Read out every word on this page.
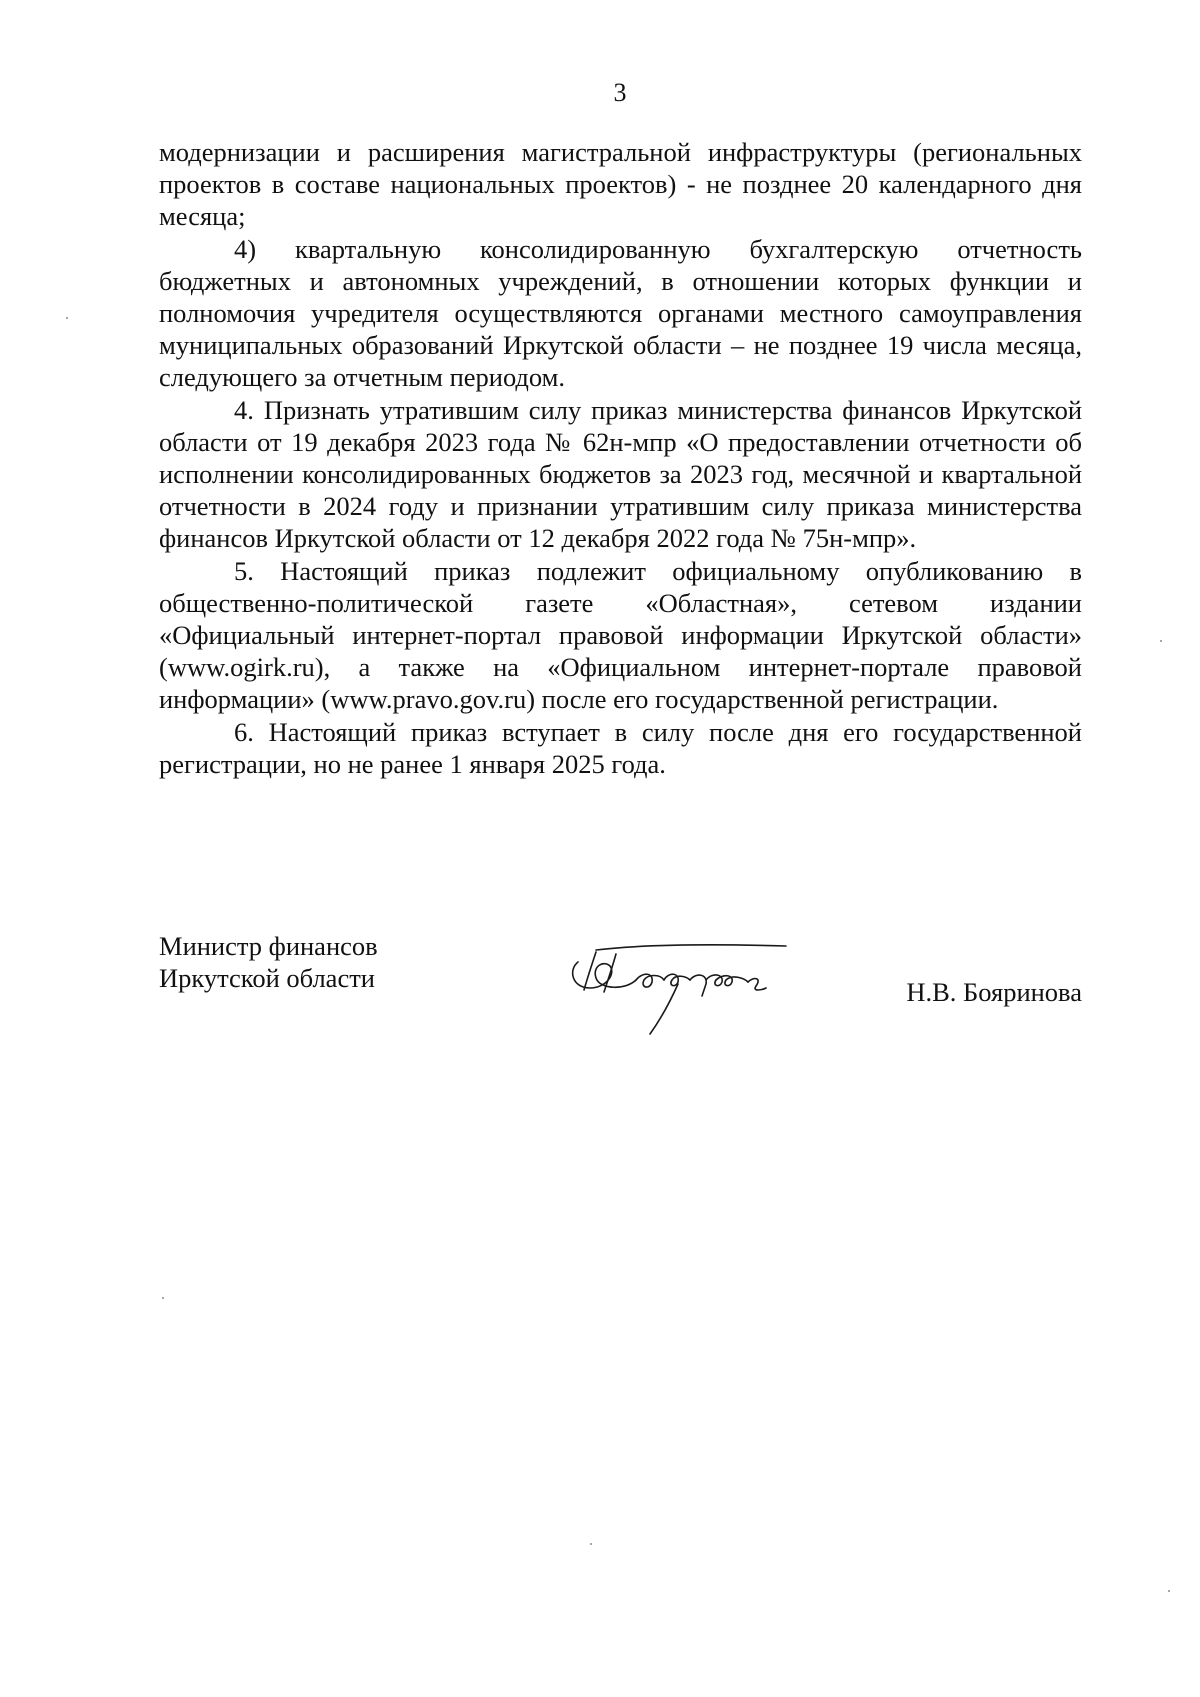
3

модернизации и расширения магистральной инфраструктуры (региональных проектов в составе национальных проектов) - не позднее 20 календарного дня месяца;

4) квартальную консолидированную бухгалтерскую отчетность бюджетных и автономных учреждений, в отношении которых функции и полномочия учредителя осуществляются органами местного самоуправления муниципальных образований Иркутской области – не позднее 19 числа месяца, следующего за отчетным периодом.

4. Признать утратившим силу приказ министерства финансов Иркутской области от 19 декабря 2023 года № 62н-мпр «О предоставлении отчетности об исполнении консолидированных бюджетов за 2023 год, месячной и квартальной отчетности в 2024 году и признании утратившим силу приказа министерства финансов Иркутской области от 12 декабря 2022 года № 75н-мпр».

5. Настоящий приказ подлежит официальному опубликованию в общественно-политической газете «Областная», сетевом издании «Официальный интернет-портал правовой информации Иркутской области» (www.ogirk.ru), а также на «Официальном интернет-портале правовой информации» (www.pravo.gov.ru) после его государственной регистрации.

6. Настоящий приказ вступает в силу после дня его государственной регистрации, но не ранее 1 января 2025 года.

Министр финансов
Иркутской области	Н.В. Бояринова
